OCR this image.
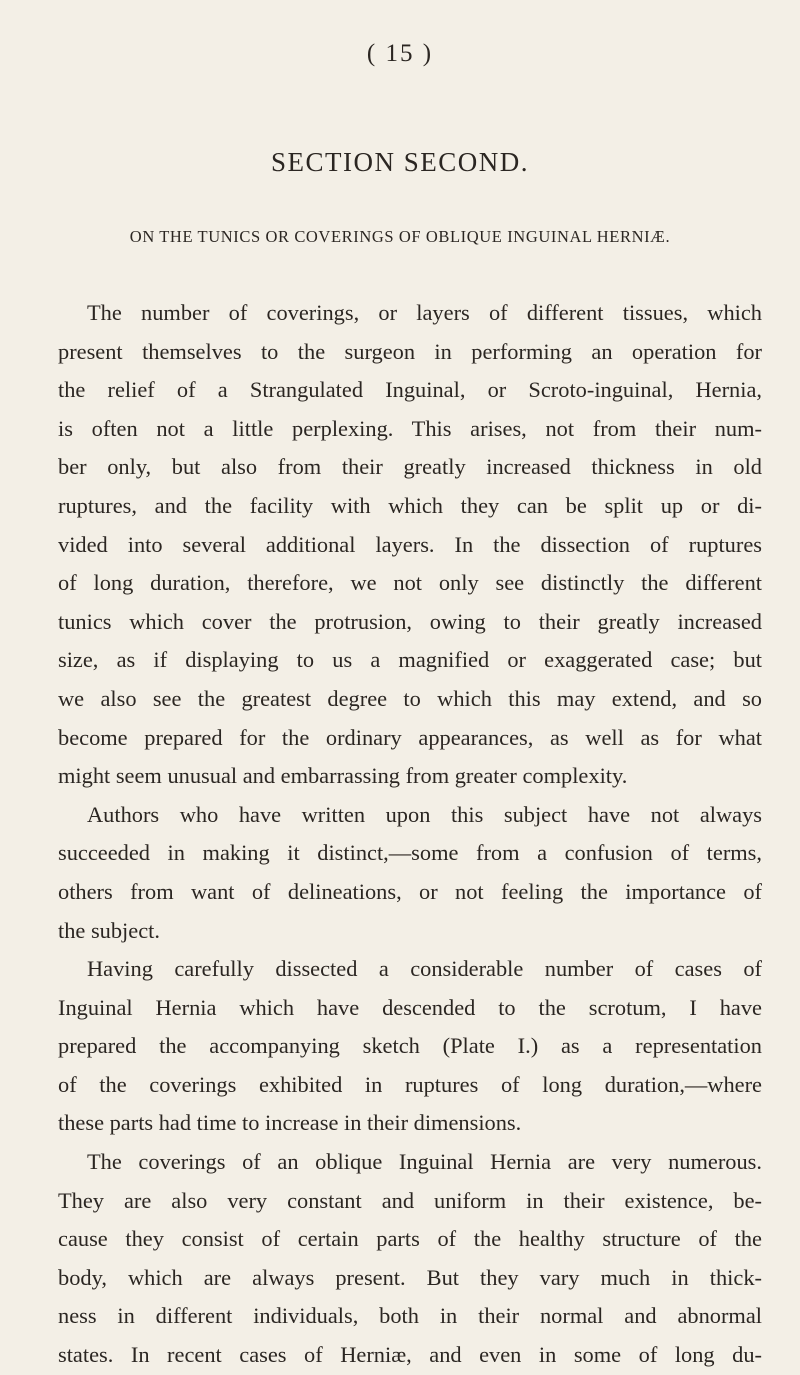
( 15 )
SECTION SECOND.
ON THE TUNICS OR COVERINGS OF OBLIQUE INGUINAL HERNIÆ.
The number of coverings, or layers of different tissues, which
present themselves to the surgeon in performing an operation for
the relief of a Strangulated Inguinal, or Scroto-inguinal, Hernia,
is often not a little perplexing. This arises, not from their num-
ber only, but also from their greatly increased thickness in old
ruptures, and the facility with which they can be split up or di-
vided into several additional layers. In the dissection of ruptures
of long duration, therefore, we not only see distinctly the different
tunics which cover the protrusion, owing to their greatly increased
size, as if displaying to us a magnified or exaggerated case; but
we also see the greatest degree to which this may extend, and so
become prepared for the ordinary appearances, as well as for what
might seem unusual and embarrassing from greater complexity.
Authors who have written upon this subject have not always
succeeded in making it distinct,—some from a confusion of terms,
others from want of delineations, or not feeling the importance of
the subject.
Having carefully dissected a considerable number of cases of
Inguinal Hernia which have descended to the scrotum, I have
prepared the accompanying sketch (Plate I.) as a representation
of the coverings exhibited in ruptures of long duration,—where
these parts had time to increase in their dimensions.
The coverings of an oblique Inguinal Hernia are very numerous.
They are also very constant and uniform in their existence, be-
cause they consist of certain parts of the healthy structure of the
body, which are always present. But they vary much in thick-
ness in different individuals, both in their normal and abnormal
states. In recent cases of Herniæ, and even in some of long du-
